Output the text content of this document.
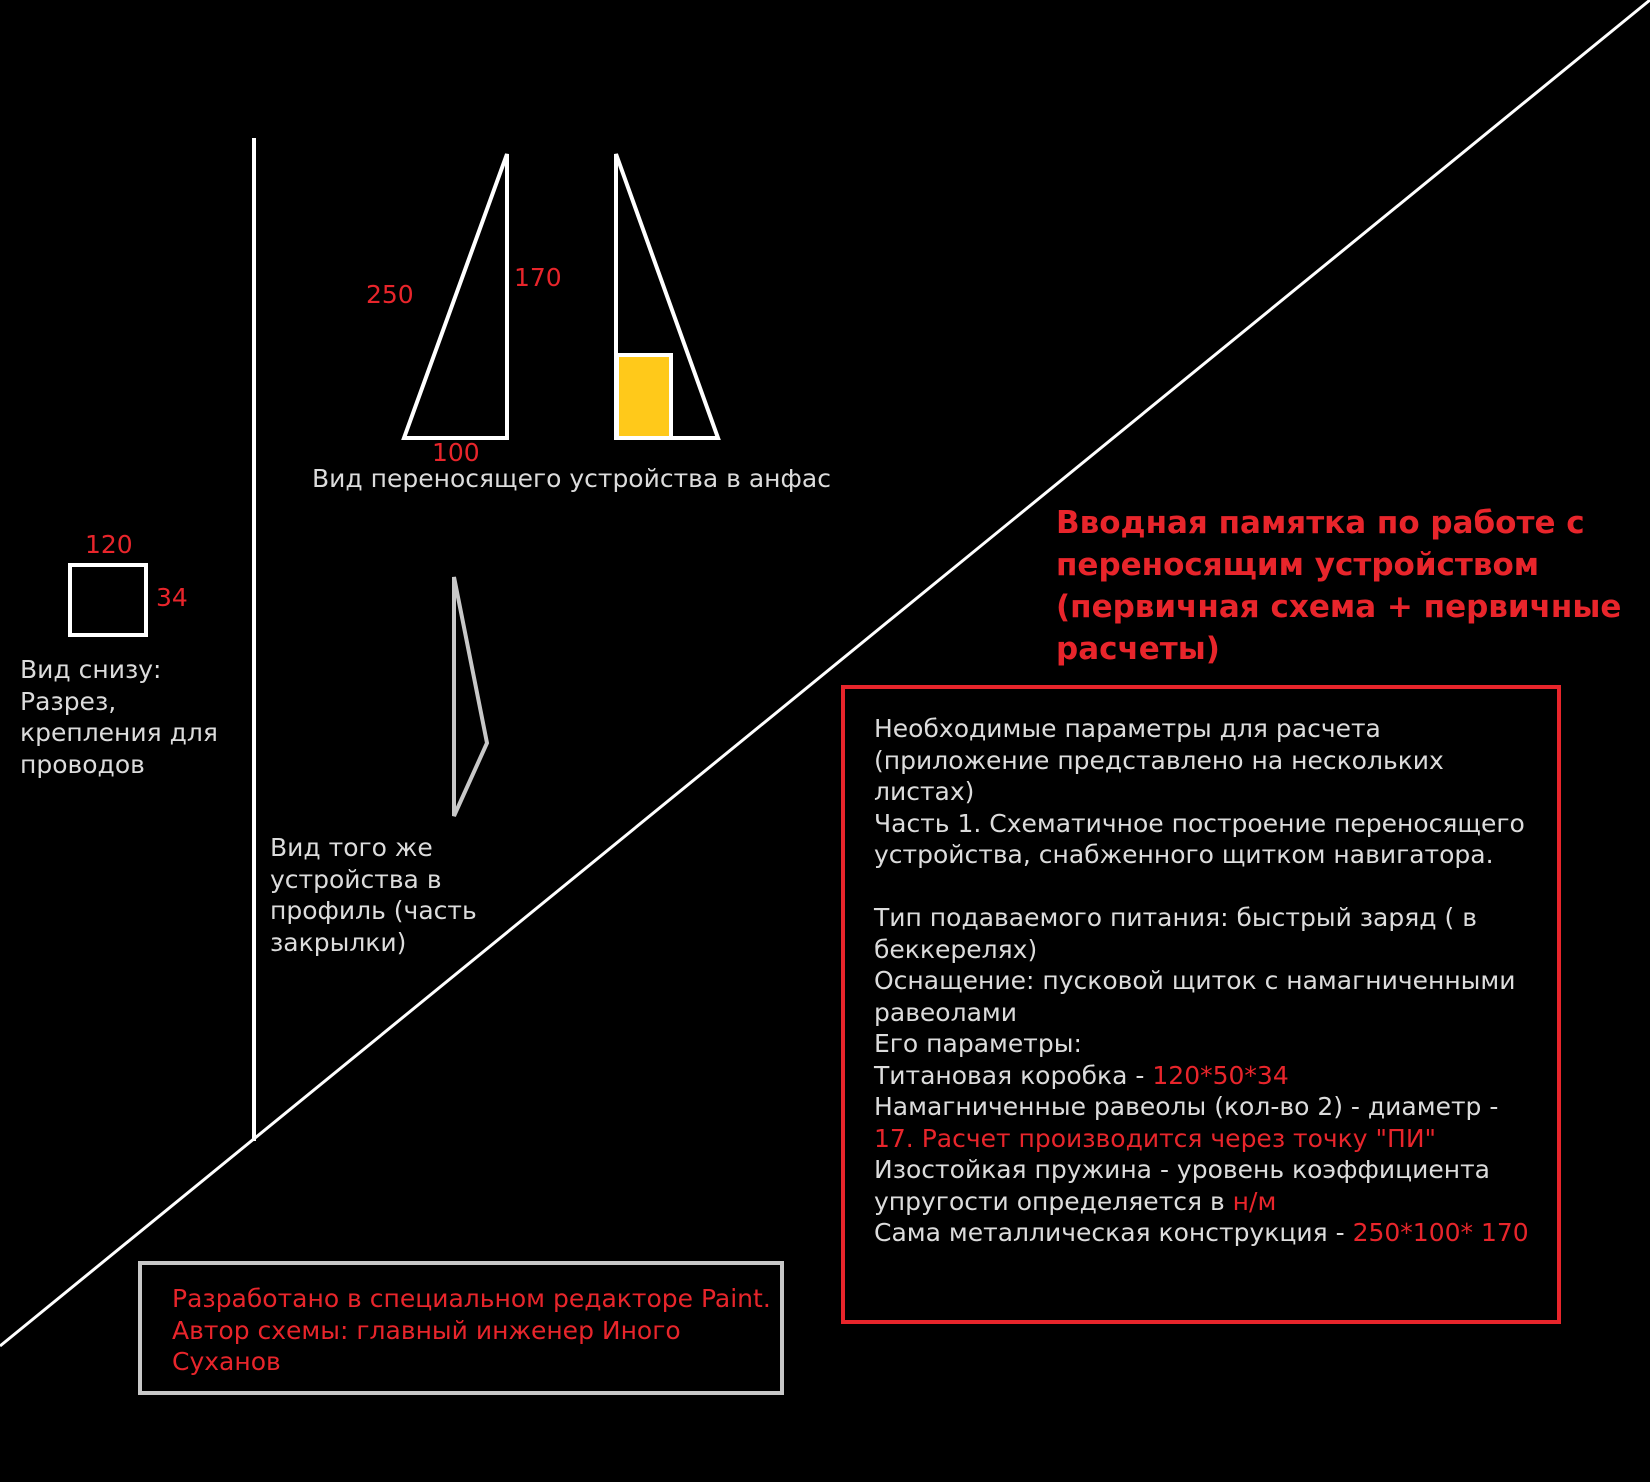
250

170

100

Вид переносящего устройства в анфас

120

34

Вид снизу: Разрез, крепления для проводов
Вид того же устройства в профиль (часть закрылки)
Вводная памятка по работе с переносящим устройством (первичная схема + первичные расчеты)
Необходимые параметры для расчета (приложение представлено на нескольких листах)
Часть 1. Схематичное построение переносящего устройства, снабженного щитком навигатора.
Тип подаваемого питания: быстрый заряд ( в беккерелях)
Оснащение: пусковой щиток с намагниченными равеолами
Его параметры:
Титановая коробка - 120*50*34
Намагниченные равеолы (кол-во 2) - диаметр - 17. Расчет производится через точку "ПИ"
Изостойкая пружина - уровень коэффициента упругости определяется в н/м
Сама металлическая конструкция - 250*100* 170
Разработано в специальном редакторе Paint. Автор схемы: главный инженер Иного Суханов
